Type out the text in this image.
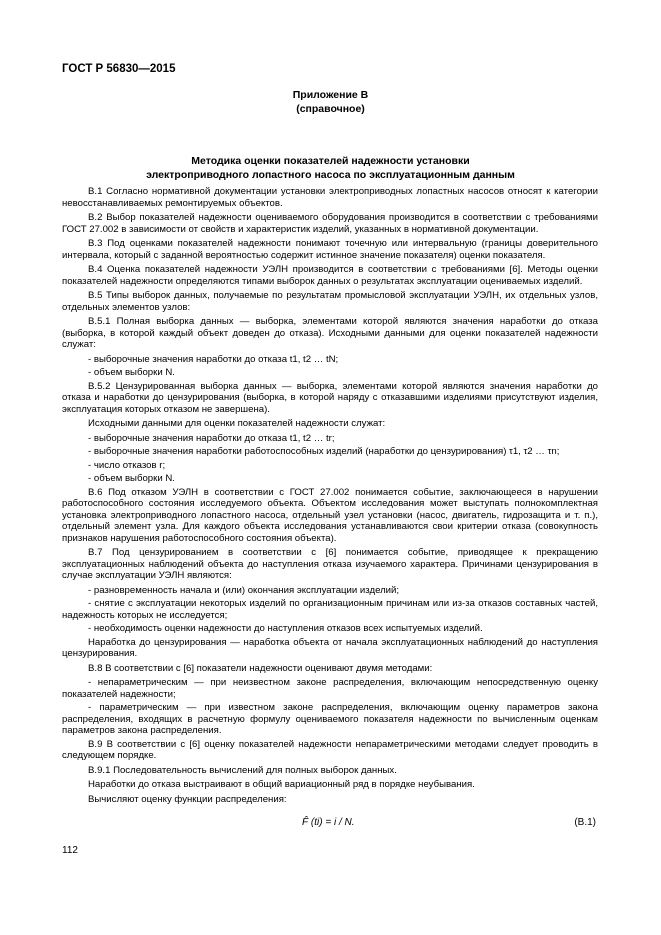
ГОСТ Р 56830—2015
Приложение В
(справочное)
Методика оценки показателей надежности установки
электроприводного лопастного насоса по эксплуатационным данным

В.1 Согласно нормативной документации установки электроприводных лопастных насосов относят к категории невосстанавливаемых ремонтируемых объектов.

В.2 Выбор показателей надежности оцениваемого оборудования производится в соответствии с требованиями ГОСТ 27.002 в зависимости от свойств и характеристик изделий, указанных в нормативной документации.

В.3 Под оценками показателей надежности понимают точечную или интервальную (границы доверительного интервала, который с заданной вероятностью содержит истинное значение показателя) оценки показателя.

В.4 Оценка показателей надежности УЭЛН производится в соответствии с требованиями [6]. Методы оценки показателей надежности определяются типами выборок данных о результатах эксплуатации оцениваемых изделий.

В.5 Типы выборок данных, получаемые по результатам промысловой эксплуатации УЭЛН, их отдельных узлов, отдельных элементов узлов:

В.5.1 Полная выборка данных — выборка, элементами которой являются значения наработки до отказа (выборка, в которой каждый объект доведен до отказа). Исходными данными для оценки показателей надежности служат:

- выборочные значения наработки до отказа t1, t2 … tN;

- объем выборки N.

В.5.2 Цензурированная выборка данных — выборка, элементами которой являются значения наработки до отказа и наработки до цензурирования (выборка, в которой наряду с отказавшими изделиями присутствуют изделия, эксплуатация которых отказом не завершена).

Исходными данными для оценки показателей надежности служат:

- выборочные значения наработки до отказа t1, t2 … tr;

- выборочные значения наработки работоспособных изделий (наработки до цензурирования) τ1, τ2 … τn;

- число отказов r;

- объем выборки N.

В.6 Под отказом УЭЛН в соответствии с ГОСТ 27.002 понимается событие, заключающееся в нарушении работоспособного состояния исследуемого объекта. Объектом исследования может выступать полнокомплектная установка электроприводного лопастного насоса, отдельный узел установки (насос, двигатель, гидрозащита и т. п.), отдельный элемент узла. Для каждого объекта исследования устанавливаются свои критерии отказа (совокупность признаков нарушения работоспособного состояния объекта).

В.7 Под цензурированием в соответствии с [6] понимается событие, приводящее к прекращению эксплуатационных наблюдений объекта до наступления отказа изучаемого характера. Причинами цензурирования в случае эксплуатации УЭЛН являются:

- разновременность начала и (или) окончания эксплуатации изделий;

- снятие с эксплуатации некоторых изделий по организационным причинам или из-за отказов составных частей, надежность которых не исследуется;

- необходимость оценки надежности до наступления отказов всех испытуемых изделий.

Наработка до цензурирования — наработка объекта от начала эксплуатационных наблюдений до наступления цензурирования.

В.8 В соответствии с [6] показатели надежности оценивают двумя методами:

- непараметрическим — при неизвестном законе распределения, включающим непосредственную оценку показателей надежности;

- параметрическим — при известном законе распределения, включающим оценку параметров закона распределения, входящих в расчетную формулу оцениваемого показателя надежности по вычисленным оценкам параметров закона распределения.

В.9 В соответствии с [6] оценку показателей надежности непараметрическими методами следует проводить в следующем порядке.

В.9.1 Последовательность вычислений для полных выборок данных.

Наработки до отказа выстраивают в общий вариационный ряд в порядке неубывания.

Вычисляют оценку функции распределения:

F̂ (ti) = i / N.	(В.1)
112
